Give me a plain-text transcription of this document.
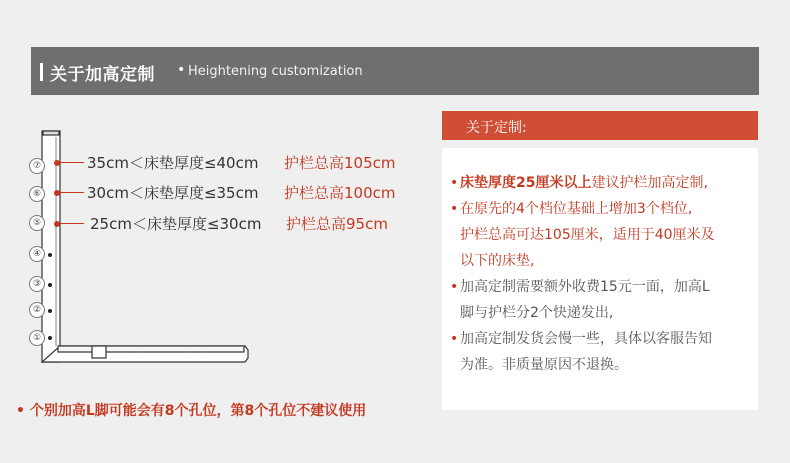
关于加高定制 • Heightening customization
⑦
⑥
⑤
④
③
②
①
35cm＜床垫厚度≤40cm 护栏总高105cm
30cm＜床垫厚度≤35cm 护栏总高100cm
25cm＜床垫厚度≤30cm 护栏总高95cm
• 个别加高L脚可能会有8个孔位，第8个孔位不建议使用
关于定制:
• 床垫厚度25厘米以上建议护栏加高定制,
• 在原先的4个档位基础上增加3个档位,
护栏总高可达105厘米，适用于40厘米及
以下的床垫,
• 加高定制需要额外收费15元一面，加高L
脚与护栏分2个快递发出,
• 加高定制发货会慢一些，具体以客服告知
为准。非质量原因不退换。
